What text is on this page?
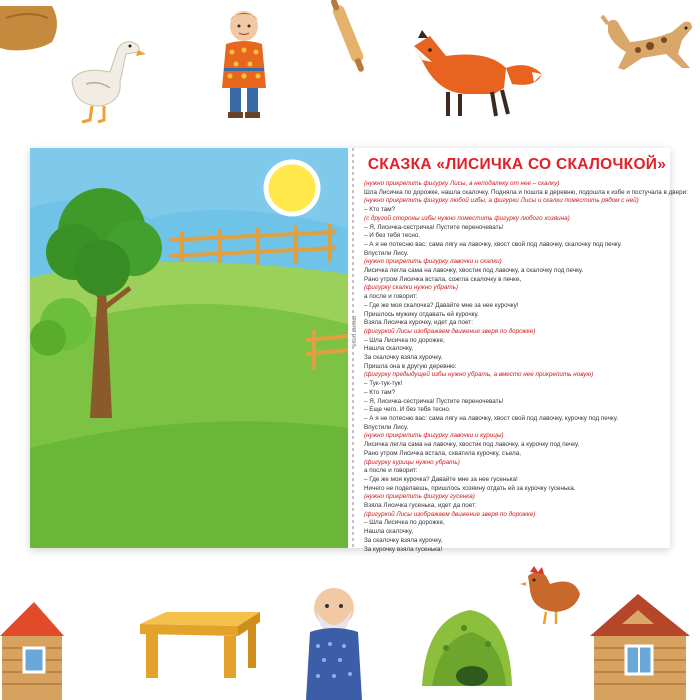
линия реза
СКАЗКА «ЛИСИЧКА СО СКАЛОЧКОЙ»
(нужно прикрепить фигурку Лисы, а неподалеку от нее – скалку)
Шла Лисичка по дорожке, нашла скалочку. Подняла и пошла в деревню, подошла к избе и постучала в двери:
(нужно прикрепить фигурку любой избы, а фигурки Лисы и скалки поместить рядом с ней)
– Кто там?
(с другой стороны избы нужно поместить фигурку любого хозяина)
– Я, Лисичка-сестричка! Пустите переночевать!
– И без тебя тесно.
– А я не потесню вас: сама лягу на лавочку, хвост свой под лавочку, скалочку под печку.
Впустили Лису.
(нужно прикрепить фигурку лавочки и скалки)
Лисичка легла сама на лавочку, хвостик под лавочку, а скалочку под печку.
Рано утром Лисичка встала, сожгла скалочку в печке,
(фигурку скалки нужно убрать)
а после и говорит:
– Где же моя скалочка? Давайте мне за нее курочку!
Пришлось мужику отдавать ей курочку.
Взяла Лисичка курочку, идет да поет:
(фигуркой Лисы изображаем движение зверя по дорожке)
– Шла Лисичка по дорожке,
Нашла скалочку,
За скалочку взяла курочку.
Пришла она в другую деревню:
(фигурку предыдущей избы нужно убрать, а вместо нее прикрепить новую)
– Тук-тук-тук!
– Кто там?
– Я, Лисичка-сестричка! Пустите переночевать!
– Еще чего. И без тебя тесно.
– А я не потесню вас: сама лягу на лавочку, хвост свой под лавочку, курочку под печку.
Впустили Лису.
(нужно прикрепить фигурку лавочки и курицы)
Лисичка легла сама на лавочку, хвостик под лавочку, а курочку под печку.
Рано утром Лисичка встала, схватила курочку, съела,
(фигурку курицы нужно убрать)
а после и говорит:
– Где же моя курочка? Давайте мне за нее гусенька!
Ничего не поделаешь, пришлось хозяину отдать ей за курочку гусенька.
(нужно прикрепить фигурку гусенка)
Взяла Лисичка гусенька, идет да поет:
(фигуркой Лисы изображаем движение зверя по дорожке)
– Шла Лисичка по дорожке,
Нашла скалочку,
За скалочку взяла курочку,
За курочку взяла гусенька!
